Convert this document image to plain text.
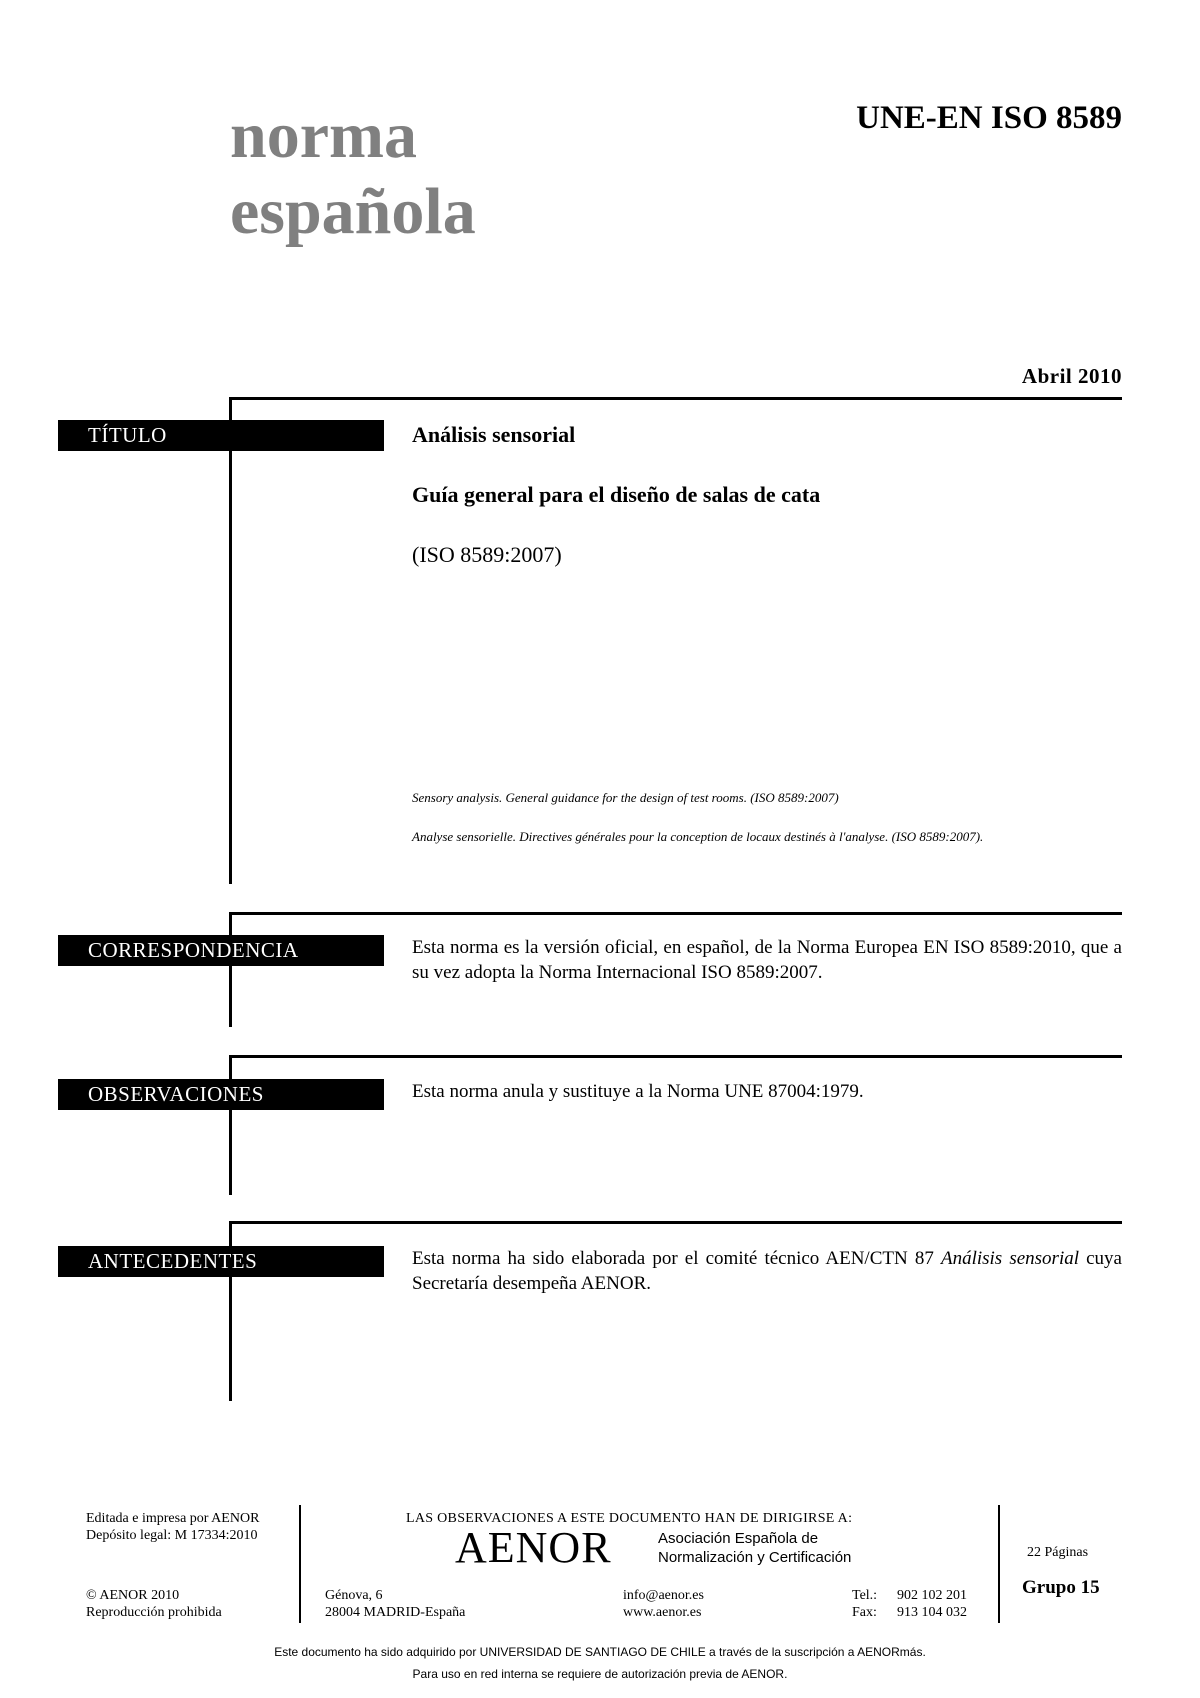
norma
española
UNE-EN ISO 8589
Abril 2010
TÍTULO	Análisis sensorial
Guía general para el diseño de salas de cata
(ISO 8589:2007)
Sensory analysis. General guidance for the design of test rooms. (ISO 8589:2007)
Analyse sensorielle. Directives générales pour la conception de locaux destinés à l'analyse. (ISO 8589:2007).
CORRESPONDENCIA	Esta norma es la versión oficial, en español, de la Norma Europea EN ISO 8589:2010, que a su vez adopta la Norma Internacional ISO 8589:2007.
OBSERVACIONES	Esta norma anula y sustituye a la Norma UNE 87004:1979.
ANTECEDENTES	Esta norma ha sido elaborada por el comité técnico AEN/CTN 87 Análisis sensorial cuya Secretaría desempeña AENOR.
Editada e impresa por AENOR
Depósito legal: M 17334:2010
© AENOR 2010
Reproducción prohibida
LAS OBSERVACIONES A ESTE DOCUMENTO HAN DE DIRIGIRSE A:
AENOR	Asociación Española de
Normalización y Certificación
Génova, 6
28004 MADRID-España
info@aenor.es
www.aenor.es
Tel.: 902 102 201
Fax: 913 104 032
22 Páginas
Grupo 15
Este documento ha sido adquirido por UNIVERSIDAD DE SANTIAGO DE CHILE a través de la suscripción a AENORmás.
Para uso en red interna se requiere de autorización previa de AENOR.
